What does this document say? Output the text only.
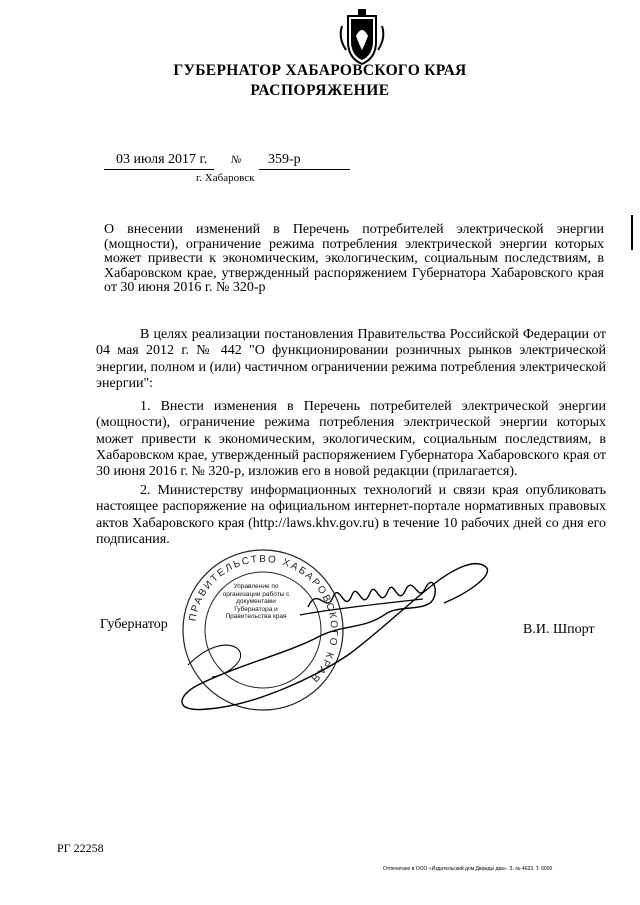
ГУБЕРНАТОР ХАБАРОВСКОГО КРАЯ
РАСПОРЯЖЕНИЕ
03 июля 2017 г. № 359-р
г. Хабаровск
О внесении изменений в Перечень потребителей электрической энергии (мощности), ограничение режима потребления электрической энергии которых может привести к экономическим, экологическим, социальным последствиям, в Хабаровском крае, утвержденный распоряжением Губернатора Хабаровского края от 30 июня 2016 г. № 320-р
В целях реализации постановления Правительства Российской Федерации от 04 мая 2012 г. № 442 "О функционировании розничных рынков электрической энергии, полном и (или) частичном ограничении режима потребления электрической энергии":
1. Внести изменения в Перечень потребителей электрической энергии (мощности), ограничение режима потребления электрической энергии которых может привести к экономическим, экологическим, социальным последствиям, в Хабаровском крае, утвержденный распоряжением Губернатора Хабаровского края от 30 июня 2016 г. № 320-р, изложив его в новой редакции (прилагается).
2. Министерству информационных технологий и связи края опубликовать настоящее распоряжение на официальном интернет-портале нормативных правовых актов Хабаровского края (http://laws.khv.gov.ru) в течение 10 рабочих дней со дня его подписания.
ПРАВИТЕЛЬСТВО ХАБАРОВСКОГО КРАЯ
Управление по организации работы с документами Губернатора и Правительства края
Губернатор	В.И. Шпорт
РГ 22258
Отпечатано в ООО «Издательский дом Дважды два». З. № 4623. Т. 6000
